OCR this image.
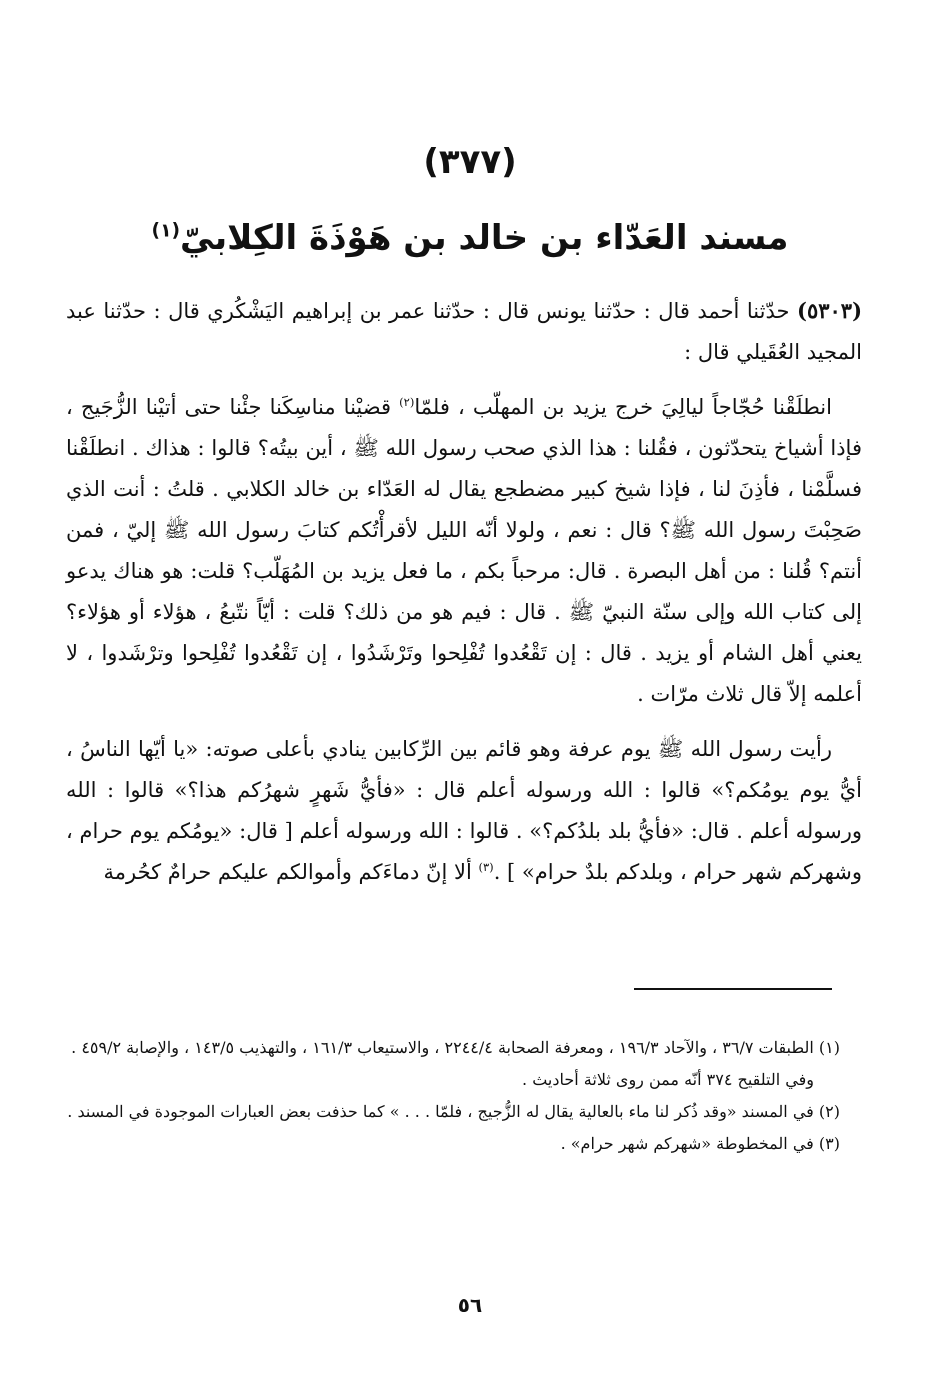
(٣٧٧)
مسند العَدّاء بن خالد بن هَوْذَةَ الكِلابيّ$^{(١)}$

(٥٣٠٣) حدّثنا أحمد قال : حدّثنا يونس قال : حدّثنا عمر بن إبراهيم اليَشْكُري قال : حدّثنا عبد المجيد العُقَيلي قال :

انطلَقْنا حُجّاجاً ليالِيَ خرج يزيد بن المهلّب ، فلمّا$^{(٢)}$ قضيْنا مناسِكَنا جئْنا حتى أتيْنا الزُّجَيج ، فإذا أشياخ يتحدّثون ، فقُلنا : هذا الذي صحب رسول الله ﷺ ، أين بيتُه؟ قالوا : هذاك . انطلَقْنا فسلَّمْنا ، فأذِنَ لنا ، فإذا شيخ كبير مضطجع يقال له العَدّاء بن خالد الكلابي . قلتُ : أنت الذي صَحِبْتَ رسول الله ﷺ؟ قال : نعم ، ولولا أنّه الليل لأقرأْتُكم كتابَ رسول الله ﷺ إليّ ، فمن أنتم؟ قُلنا : من أهل البصرة . قال: مرحباً بكم ، ما فعل يزيد بن المُهَلّب؟ قلت: هو هناك يدعو إلى كتاب الله وإلى سنّة النبيّ ﷺ . قال : فيم هو من ذلك؟ قلت : أيّاً نتّبعُ ، هؤلاء أو هؤلاء؟ يعني أهل الشام أو يزيد . قال : إن تَقْعُدوا تُفْلِحوا وتَرْشَدُوا ، إن تَقْعُدوا تُفْلِحوا وترْشَدوا ، لا أعلمه إلاّ قال ثلاث مرّات .

رأيت رسول الله ﷺ يوم عرفة وهو قائم بين الرِّكابين ينادي بأعلى صوته: «يا أيّها الناسُ ، أيُّ يوم يومُكم؟» قالوا : الله ورسوله أعلم قال : «فأيُّ شَهرٍ شهرُكم هذا؟» قالوا : الله ورسوله أعلم . قال: «فأيُّ بلد بلدُكم؟» . قالوا : الله ورسوله أعلم [ قال: «يومُكم يوم حرام ، وشهركم شهر حرام ، وبلدكم بلدٌ حرام» ] .$^{(٣)}$ ألا إنّ دماءَكم وأموالكم عليكم حرامٌ كحُرمة

(١) الطبقات ٣٦/٧ ، والآحاد ١٩٦/٣ ، ومعرفة الصحابة ٢٢٤٤/٤ ، والاستيعاب ١٦١/٣ ، والتهذيب ١٤٣/٥ ، والإصابة ٤٥٩/٢ .

وفي التلقيح ٣٧٤ أنّه ممن روى ثلاثة أحاديث .

(٢) في المسند «وقد ذُكر لنا ماء بالعالية يقال له الزُّجيج ، فلمّا . . . » كما حذفت بعض العبارات الموجودة في المسند .

(٣) في المخطوطة «شهركم شهر حرام» .

٥٦
